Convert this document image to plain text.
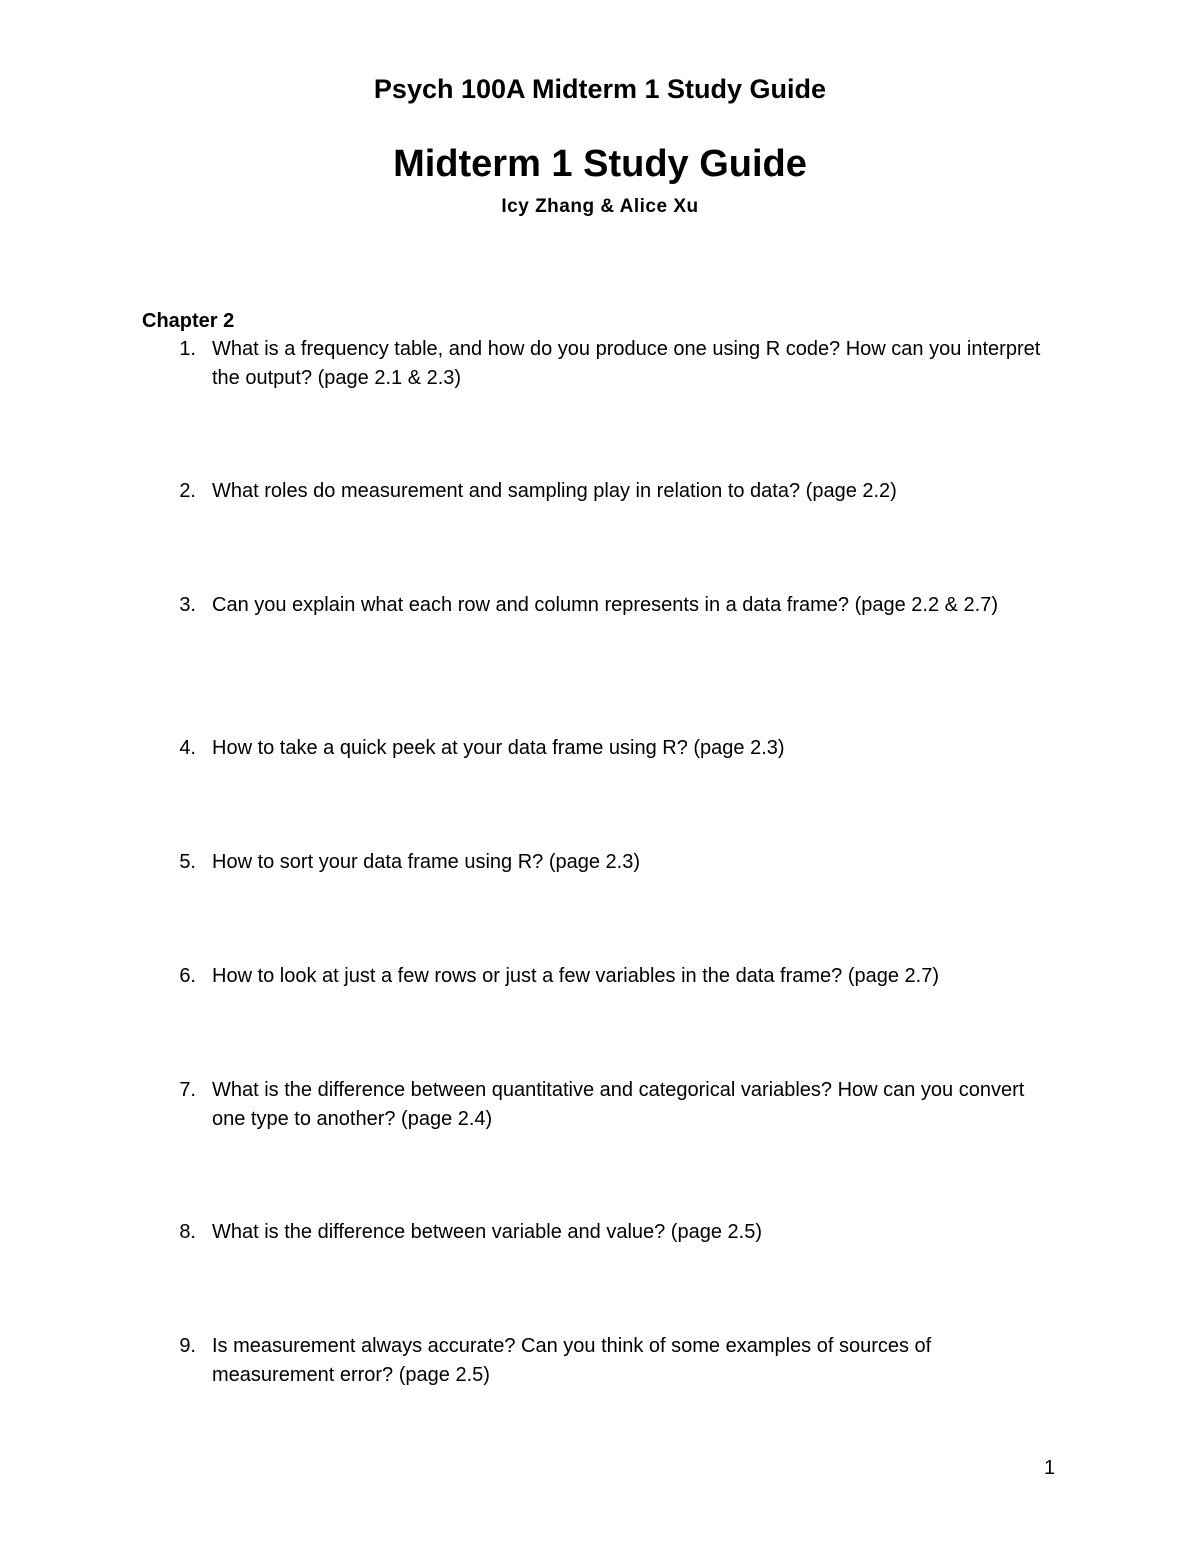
Psych 100A Midterm 1 Study Guide
Midterm 1 Study Guide
Icy Zhang & Alice Xu
Chapter 2
1. What is a frequency table, and how do you produce one using R code? How can you interpret the output? (page 2.1 & 2.3)
2. What roles do measurement and sampling play in relation to data? (page 2.2)
3. Can you explain what each row and column represents in a data frame? (page 2.2 & 2.7)
4. How to take a quick peek at your data frame using R? (page 2.3)
5. How to sort your data frame using R? (page 2.3)
6. How to look at just a few rows or just a few variables in the data frame? (page 2.7)
7. What is the difference between quantitative and categorical variables? How can you convert one type to another? (page 2.4)
8. What is the difference between variable and value? (page 2.5)
9. Is measurement always accurate? Can you think of some examples of sources of measurement error? (page 2.5)
1
